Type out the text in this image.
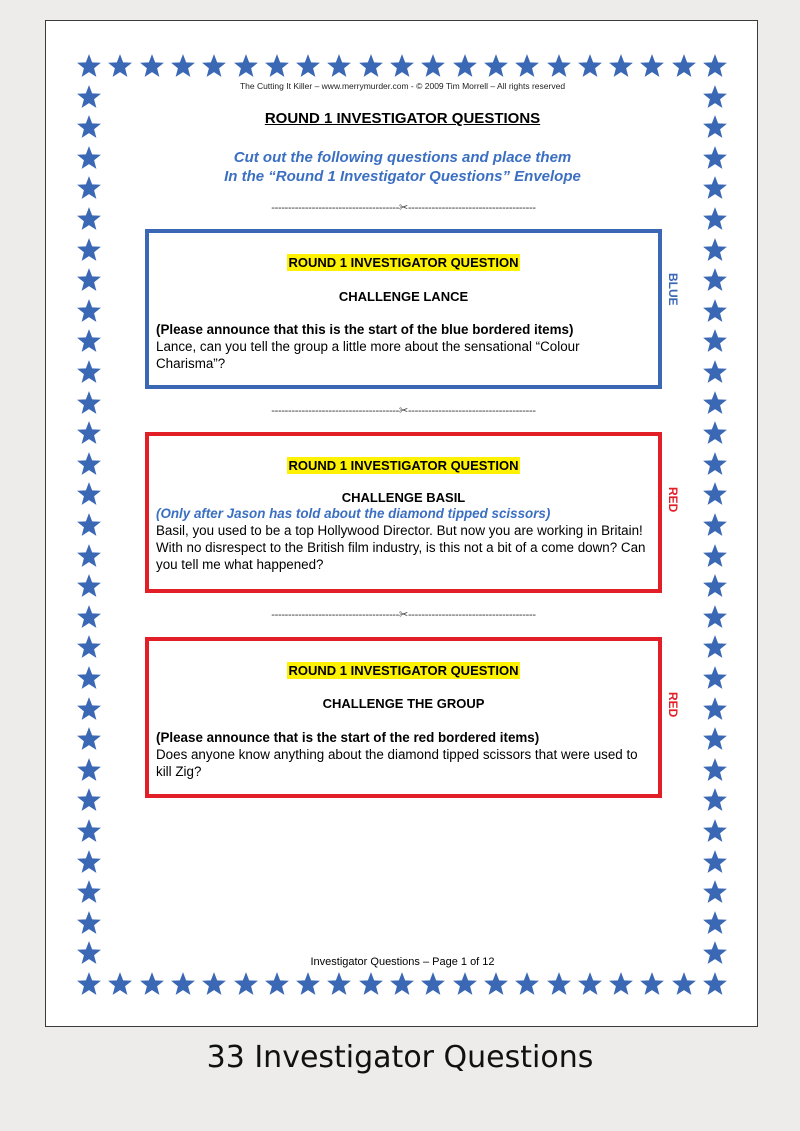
The Cutting It Killer – www.merrymurder.com - © 2009 Tim Morrell – All rights reserved
ROUND 1 INVESTIGATOR QUESTIONS
Cut out the following questions and place them
In the “Round 1 Investigator Questions” Envelope
--------------------------------------✂--------------------------------------
ROUND 1 INVESTIGATOR QUESTION
CHALLENGE LANCE
(Please announce that this is the start of the blue bordered items)
Lance, can you tell the group a little more about the sensational “Colour Charisma”?
BLUE
--------------------------------------✂--------------------------------------
ROUND 1 INVESTIGATOR QUESTION
CHALLENGE BASIL
(Only after Jason has told about the diamond tipped scissors)
Basil, you used to be a top Hollywood Director. But now you are working in Britain! With no disrespect to the British film industry, is this not a bit of a come down? Can you tell me what happened?
RED
--------------------------------------✂--------------------------------------
ROUND 1 INVESTIGATOR QUESTION
CHALLENGE THE GROUP
(Please announce that is the start of the red bordered items)
Does anyone know anything about the diamond tipped scissors that were used to kill Zig?
RED
Investigator Questions – Page 1 of 12
33 Investigator Questions
